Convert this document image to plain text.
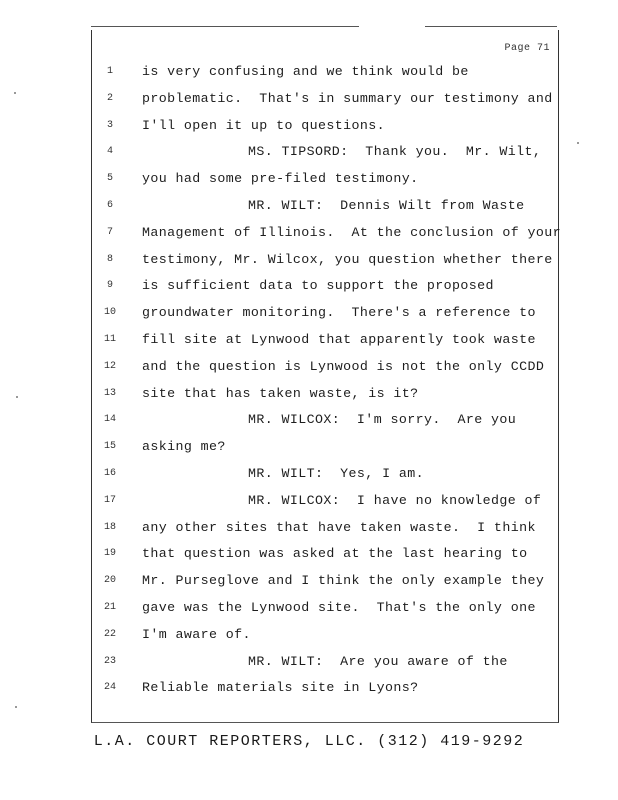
Page 71
1	is very confusing and we think would be
2	problematic.  That's in summary our testimony and
3	I'll open it up to questions.
4	MS. TIPSORD:  Thank you.  Mr. Wilt,
5	you had some pre-filed testimony.
6	MR. WILT:  Dennis Wilt from Waste
7	Management of Illinois.  At the conclusion of your
8	testimony, Mr. Wilcox, you question whether there
9	is sufficient data to support the proposed
10	groundwater monitoring.  There's a reference to
11	fill site at Lynwood that apparently took waste
12	and the question is Lynwood is not the only CCDD
13	site that has taken waste, is it?
14	MR. WILCOX:  I'm sorry.  Are you
15	asking me?
16	MR. WILT:  Yes, I am.
17	MR. WILCOX:  I have no knowledge of
18	any other sites that have taken waste.  I think
19	that question was asked at the last hearing to
20	Mr. Purseglove and I think the only example they
21	gave was the Lynwood site.  That's the only one
22	I'm aware of.
23	MR. WILT:  Are you aware of the
24	Reliable materials site in Lyons?
L.A. COURT REPORTERS, LLC. (312) 419-9292
